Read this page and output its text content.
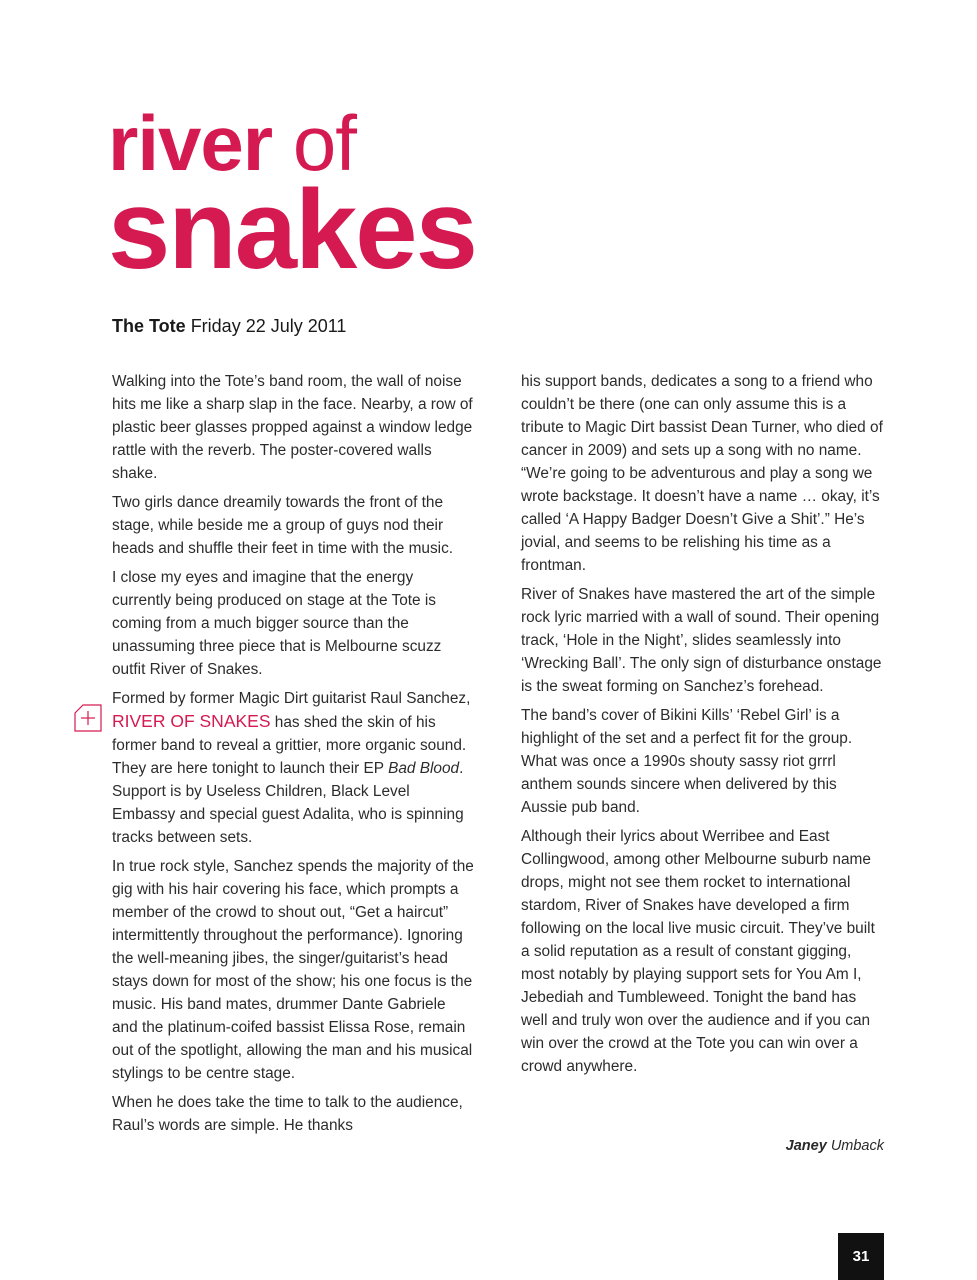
river of
snakes
The Tote Friday 22 July 2011

Walking into the Tote’s band room, the wall of noise hits me like a sharp slap in the face. Nearby, a row of plastic beer glasses propped against a window ledge rattle with the reverb. The poster-covered walls shake.

Two girls dance dreamily towards the front of the stage, while beside me a group of guys nod their heads and shuffle their feet in time with the music.

I close my eyes and imagine that the energy currently being produced on stage at the Tote is coming from a much bigger source than the unassuming three piece that is Melbourne scuzz outfit River of Snakes.

Formed by former Magic Dirt guitarist Raul Sanchez, RIVER OF SNAKES has shed the skin of his former band to reveal a grittier, more organic sound. They are here tonight to launch their EP Bad Blood. Support is by Useless Children, Black Level Embassy and special guest Adalita, who is spinning tracks between sets.

In true rock style, Sanchez spends the majority of the gig with his hair covering his face, which prompts a member of the crowd to shout out, “Get a haircut” intermittently throughout the performance). Ignoring the well-meaning jibes, the singer/guitarist’s head stays down for most of the show; his one focus is the music. His band mates, drummer Dante Gabriele and the platinum-coifed bassist Elissa Rose, remain out of the spotlight, allowing the man and his musical stylings to be centre stage.

When he does take the time to talk to the audience, Raul’s words are simple. He thanks

his support bands, dedicates a song to a friend who couldn’t be there (one can only assume this is a tribute to Magic Dirt bassist Dean Turner, who died of cancer in 2009) and sets up a song with no name. “We’re going to be adventurous and play a song we wrote backstage. It doesn’t have a name … okay, it’s called ‘A Happy Badger Doesn’t Give a Shit’.” He’s jovial, and seems to be relishing his time as a frontman.

River of Snakes have mastered the art of the simple rock lyric married with a wall of sound. Their opening track, ‘Hole in the Night’, slides seamlessly into ‘Wrecking Ball’. The only sign of disturbance onstage is the sweat forming on Sanchez’s forehead.

The band’s cover of Bikini Kills’ ‘Rebel Girl’ is a highlight of the set and a perfect fit for the group. What was once a 1990s shouty sassy riot grrrl anthem sounds sincere when delivered by this Aussie pub band.

Although their lyrics about Werribee and East Collingwood, among other Melbourne suburb name drops, might not see them rocket to international stardom, River of Snakes have developed a firm following on the local live music circuit. They’ve built a solid reputation as a result of constant gigging, most notably by playing support sets for You Am I, Jebediah and Tumbleweed. Tonight the band has well and truly won over the audience and if you can win over the crowd at the Tote you can win over a crowd anywhere.

Janey Umback
31
